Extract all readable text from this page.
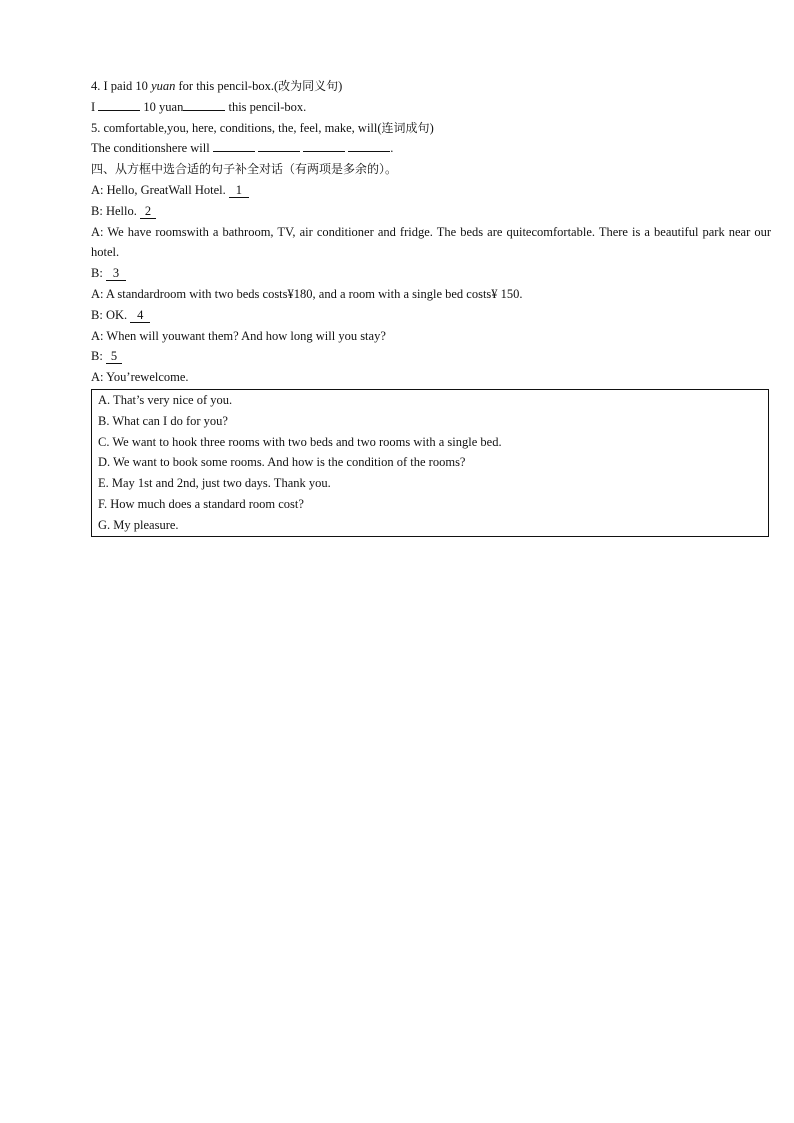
4. I paid 10 yuan for this pencil-box.(改为同义句)
I	10 yuan	this pencil-box.
5. comfortable,you, here, conditions, the, feel, make, will(连词成句)
The conditionshere will	.
四、从方框中选合适的句子补全对话（有两项是多余的）。
A: Hello, GreatWall Hotel. 1
B: Hello. 2
A: We have roomswith a bathroom, TV, air conditioner and fridge. The beds are quitecomfortable. There is a beautiful park near our hotel.
B: 3
A: A standardroom with two beds costs¥180, and a room with a single bed costs¥ 150.
B: OK. 4
A: When will youwant them? And how long will you stay?
B: 5
A: You’rewelcome.
A. That’s very nice of you.
B. What can I do for you?
C. We want to hook three rooms with two beds and two rooms with a single bed.
D. We want to book some rooms. And how is the condition of the rooms?
E. May 1st and 2nd, just two days. Thank you.
F. How much does a standard room cost?
G. My pleasure.
